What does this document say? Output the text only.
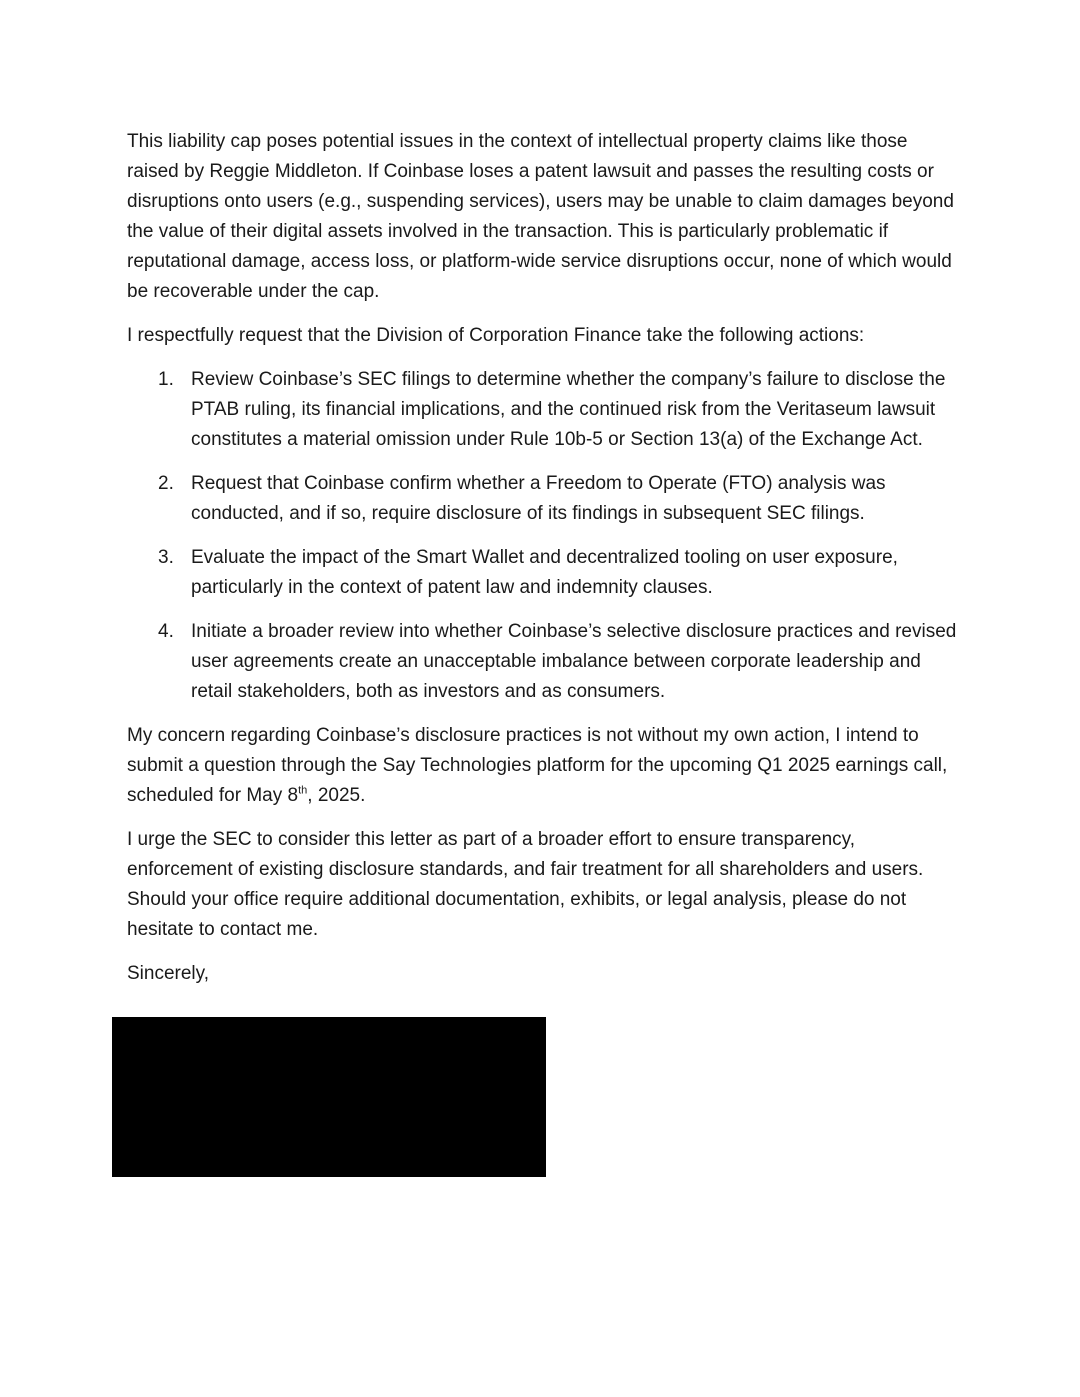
This liability cap poses potential issues in the context of intellectual property claims like those raised by Reggie Middleton. If Coinbase loses a patent lawsuit and passes the resulting costs or disruptions onto users (e.g., suspending services), users may be unable to claim damages beyond the value of their digital assets involved in the transaction. This is particularly problematic if reputational damage, access loss, or platform-wide service disruptions occur, none of which would be recoverable under the cap.

I respectfully request that the Division of Corporation Finance take the following actions:

1. Review Coinbase’s SEC filings to determine whether the company’s failure to disclose the PTAB ruling, its financial implications, and the continued risk from the Veritaseum lawsuit constitutes a material omission under Rule 10b-5 or Section 13(a) of the Exchange Act.
2. Request that Coinbase confirm whether a Freedom to Operate (FTO) analysis was conducted, and if so, require disclosure of its findings in subsequent SEC filings.
3. Evaluate the impact of the Smart Wallet and decentralized tooling on user exposure, particularly in the context of patent law and indemnity clauses.
4. Initiate a broader review into whether Coinbase’s selective disclosure practices and revised user agreements create an unacceptable imbalance between corporate leadership and retail stakeholders, both as investors and as consumers.

My concern regarding Coinbase’s disclosure practices is not without my own action, I intend to submit a question through the Say Technologies platform for the upcoming Q1 2025 earnings call, scheduled for May 8th, 2025.

I urge the SEC to consider this letter as part of a broader effort to ensure transparency, enforcement of existing disclosure standards, and fair treatment for all shareholders and users. Should your office require additional documentation, exhibits, or legal analysis, please do not hesitate to contact me.

Sincerely,
